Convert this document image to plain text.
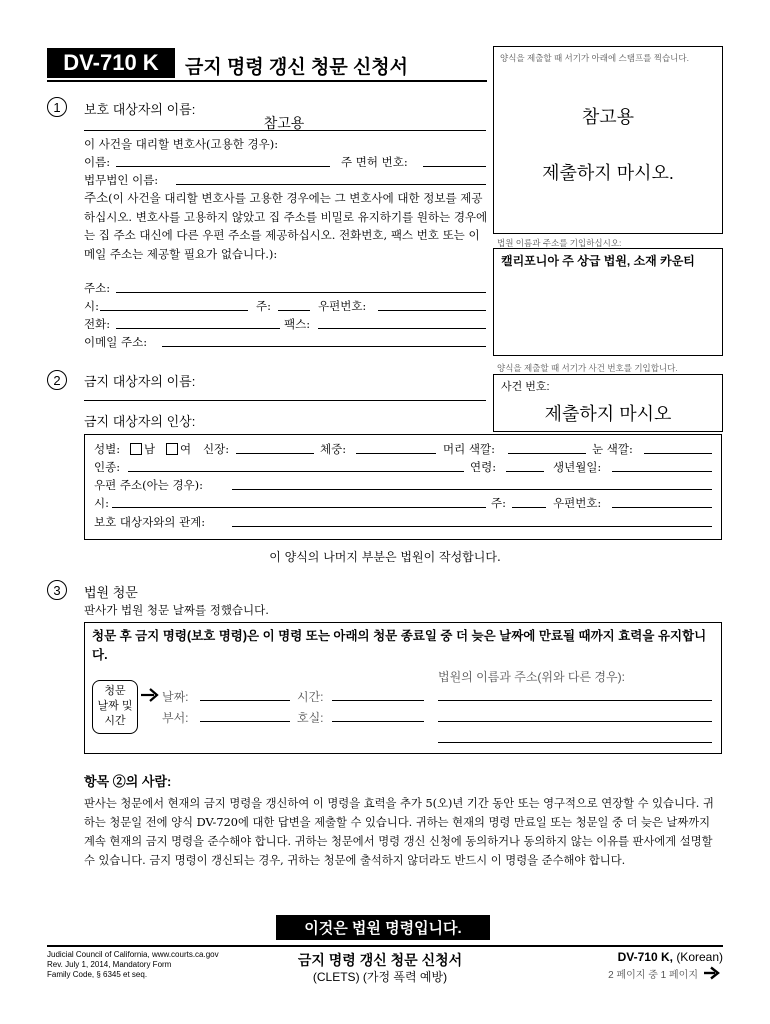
DV-710 K	금지 명령 갱신 청문 신청서	양식을 제출할 때 서기가 아래에 스탬프를 찍습니다.
참고용
제출하지 마시오.
법원 이름과 주소를 기입하십시오:
캘리포니아 주 상급 법원, 소재 카운티
양식을 제출할 때 서기가 사건 번호를 기입합니다.
사건 번호:
제출하지 마시오
1	보호 대상자의 이름:
참고용
이 사건을 대리할 변호사(고용한 경우):
이름:	주 면허 번호:
법무법인 이름:
주소(이 사건을 대리할 변호사를 고용한 경우에는 그 변호사에 대한 정보를 제공하십시오. 변호사를 고용하지 않았고 집 주소를 비밀로 유지하기를 원하는 경우에는 집 주소 대신에 다른 우편 주소를 제공하십시오. 전화번호, 팩스 번호 또는 이메일 주소는 제공할 필요가 없습니다.):
주소:
시:	주:	우편번호:
전화:	팩스:
이메일 주소:
2	금지 대상자의 이름:
금지 대상자의 인상:
성별: 남 여 신장:	체중:	머리 색깔:	눈 색깔:
인종:	연령:	생년월일:
우편 주소(아는 경우):
시:	주:	우편번호:
보호 대상자와의 관계:
이 양식의 나머지 부분은 법원이 작성합니다.
3	법원 청문
판사가 법원 청문 날짜를 정했습니다.
청문 후 금지 명령(보호 명령)은 이 명령 또는 아래의 청문 종료일 중 더 늦은 날짜에 만료될 때까지 효력을 유지합니다.
청문
날짜 및
시간
날짜:	시간:
부서:	호실:
법원의 이름과 주소(위와 다른 경우):
항목 ②의 사람:
판사는 청문에서 현재의 금지 명령을 갱신하여 이 명령을 효력을 추가 5(오)년 기간 동안 또는 영구적으로 연장할 수 있습니다. 귀하는 청문일 전에 양식 DV-720에 대한 답변을 제출할 수 있습니다. 귀하는 현재의 명령 만료일 또는 청문일 중 더 늦은 날짜까지 계속 현재의 금지 명령을 준수해야 합니다. 귀하는 청문에서 명령 갱신 신청에 동의하거나 동의하지 않는 이유를 판사에게 설명할 수 있습니다. 금지 명령이 갱신되는 경우, 귀하는 청문에 출석하지 않더라도 반드시 이 명령을 준수해야 합니다.
이것은 법원 명령입니다.
Judicial Council of California, www.courts.ca.gov
Rev. July 1, 2014, Mandatory Form
Family Code, § 6345 et seq.
금지 명령 갱신 청문 신청서
(CLETS) (가정 폭력 예방)
DV-710 K, (Korean)
2 페이지 중 1 페이지
